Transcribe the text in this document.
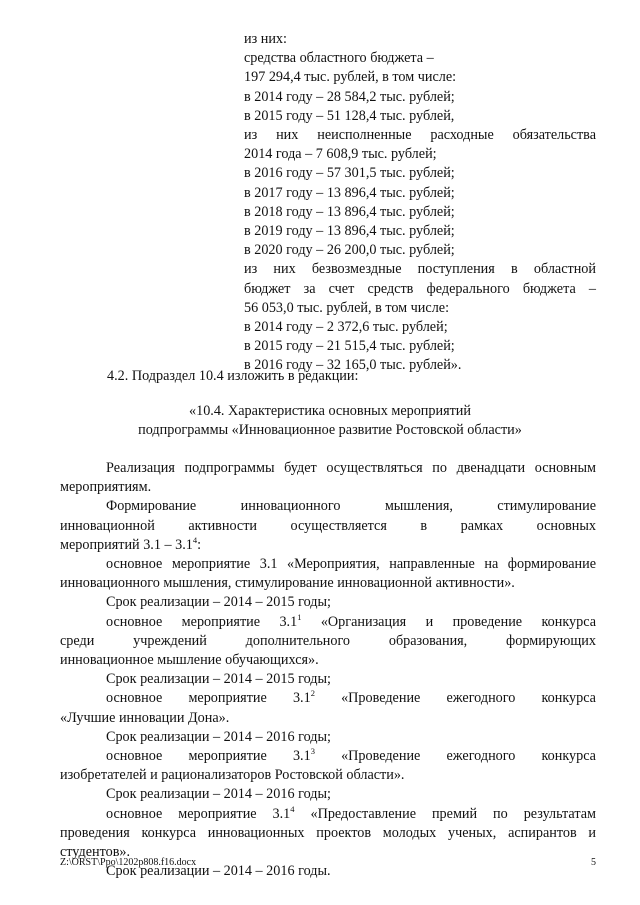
из них:
средства областного бюджета –
197 294,4 тыс. рублей, в том числе:
в 2014 году – 28 584,2 тыс. рублей;
в 2015 году – 51 128,4 тыс. рублей,
из них неисполненные расходные обязательства
2014 года – 7 608,9 тыс. рублей;
в 2016 году – 57 301,5 тыс. рублей;
в 2017 году – 13 896,4 тыс. рублей;
в 2018 году – 13 896,4 тыс. рублей;
в 2019 году – 13 896,4 тыс. рублей;
в 2020 году – 26 200,0 тыс. рублей;
из них безвозмездные поступления в областной
бюджет за счет средств федерального бюджета –
56 053,0 тыс. рублей, в том числе:
в 2014 году – 2 372,6 тыс. рублей;
в 2015 году – 21 515,4 тыс. рублей;
в 2016 году – 32 165,0 тыс. рублей».
4.2. Подраздел 10.4 изложить в редакции:
«10.4. Характеристика основных мероприятий
подпрограммы «Инновационное развитие Ростовской области»
Реализация подпрограммы будет осуществляться по двенадцати основным
мероприятиям.
Формирование инновационного мышления, стимулирование
инновационной активности осуществляется в рамках основных
мероприятий $3.1 - 3.1^4$:
основное мероприятие 3.1 «Мероприятия, направленные на формирование
инновационного мышления, стимулирование инновационной активности».
Срок реализации – 2014 – 2015 годы;
основное мероприятие $3.1^1$ «Организация и проведение конкурса
среди учреждений дополнительного образования, формирующих
инновационное мышление обучающихся».
Срок реализации – 2014 – 2015 годы;
основное мероприятие $3.1^2$ «Проведение ежегодного конкурса
«Лучшие инновации Дона».
Срок реализации – 2014 – 2016 годы;
основное мероприятие $3.1^3$ «Проведение ежегодного конкурса
изобретателей и рационализаторов Ростовской области».
Срок реализации – 2014 – 2016 годы;
основное мероприятие $3.1^4$ «Предоставление премий по результатам
проведения конкурса инновационных проектов молодых ученых, аспирантов и
студентов».
Срок реализации – 2014 – 2016 годы.
Z:\ORST\Ppo\1202p808.f16.docx	5
